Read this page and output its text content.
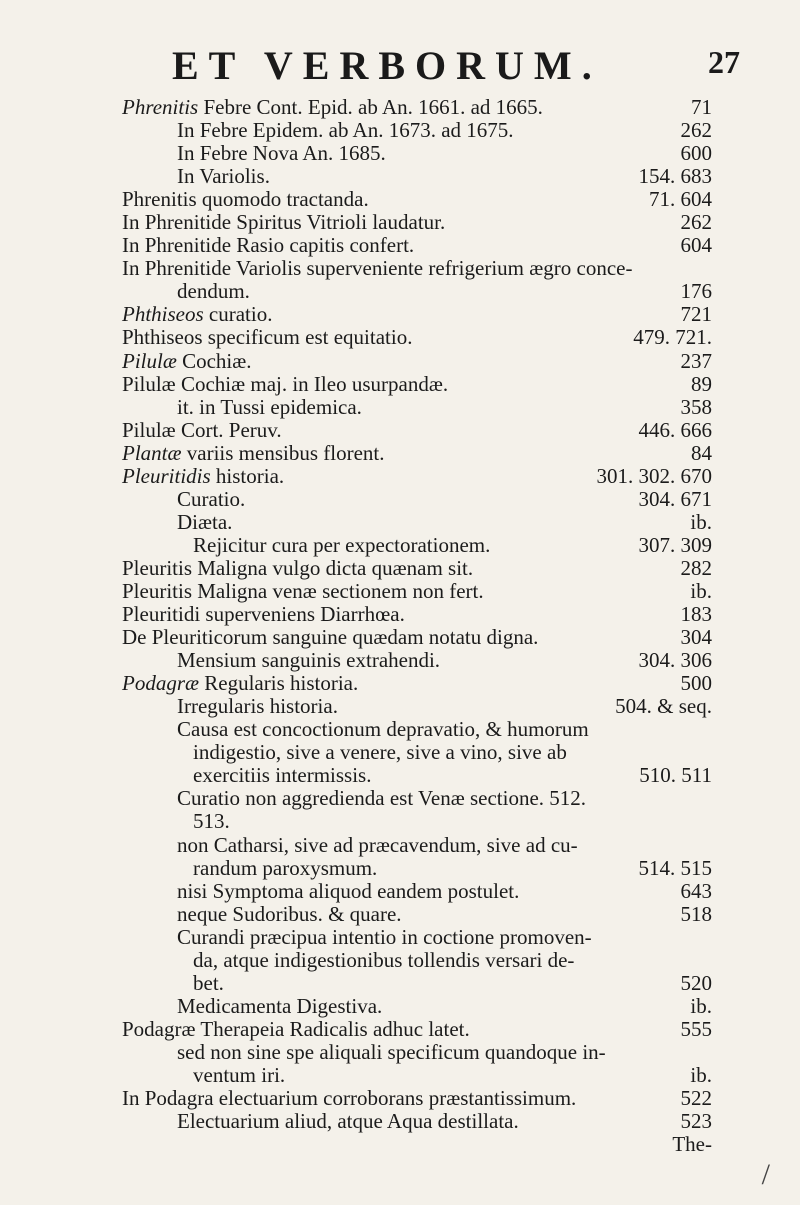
ET VERBORUM.	27
Phrenitis Febre Cont. Epid. ab An. 1661. ad 1665.	71
In Febre Epidem. ab An. 1673. ad 1675.	262
In Febre Nova An. 1685.	600
In Variolis.	154. 683
Phrenitis quomodo tractanda.	71. 604
In Phrenitide Spiritus Vitrioli laudatur.	262
In Phrenitide Rasio capitis confert.	604
In Phrenitide Variolis superveniente refrigerium ægro conce-
dendum.	176
Phthiseos curatio.	721
Phthiseos specificum est equitatio.	479. 721.
Pilulæ Cochiæ.	237
Pilulæ Cochiæ maj. in Ileo usurpandæ.	89
it. in Tussi epidemica.	358
Pilulæ Cort. Peruv.	446. 666
Plantæ variis mensibus florent.	84
Pleuritidis historia.	301. 302. 670
Curatio.	304. 671
Diæta.	ib.
Rejicitur cura per expectorationem.	307. 309
Pleuritis Maligna vulgo dicta quænam sit.	282
Pleuritis Maligna venæ sectionem non fert.	ib.
Pleuritidi superveniens Diarrhœa.	183
De Pleuriticorum sanguine quædam notatu digna.	304
Mensium sanguinis extrahendi.	304. 306
Podagræ Regularis historia.	500
Irregularis historia.	504. & seq.
Causa est concoctionum depravatio, & humorum
indigestio, sive a venere, sive a vino, sive ab
exercitiis intermissis.	510. 511
Curatio non aggredienda est Venæ sectione. 512.
513.
non Catharsi, sive ad præcavendum, sive ad cu-
randum paroxysmum.	514. 515
nisi Symptoma aliquod eandem postulet.	643
neque Sudoribus. & quare.	518
Curandi præcipua intentio in coctione promoven-
da, atque indigestionibus tollendis versari de-
bet.	520
Medicamenta Digestiva.	ib.
Podagræ Therapeia Radicalis adhuc latet.	555
sed non sine spe aliquali specificum quandoque in-
ventum iri.	ib.
In Podagra electuarium corroborans præstantissimum.	522
Electuarium aliud, atque Aqua destillata.	523
The-
/
